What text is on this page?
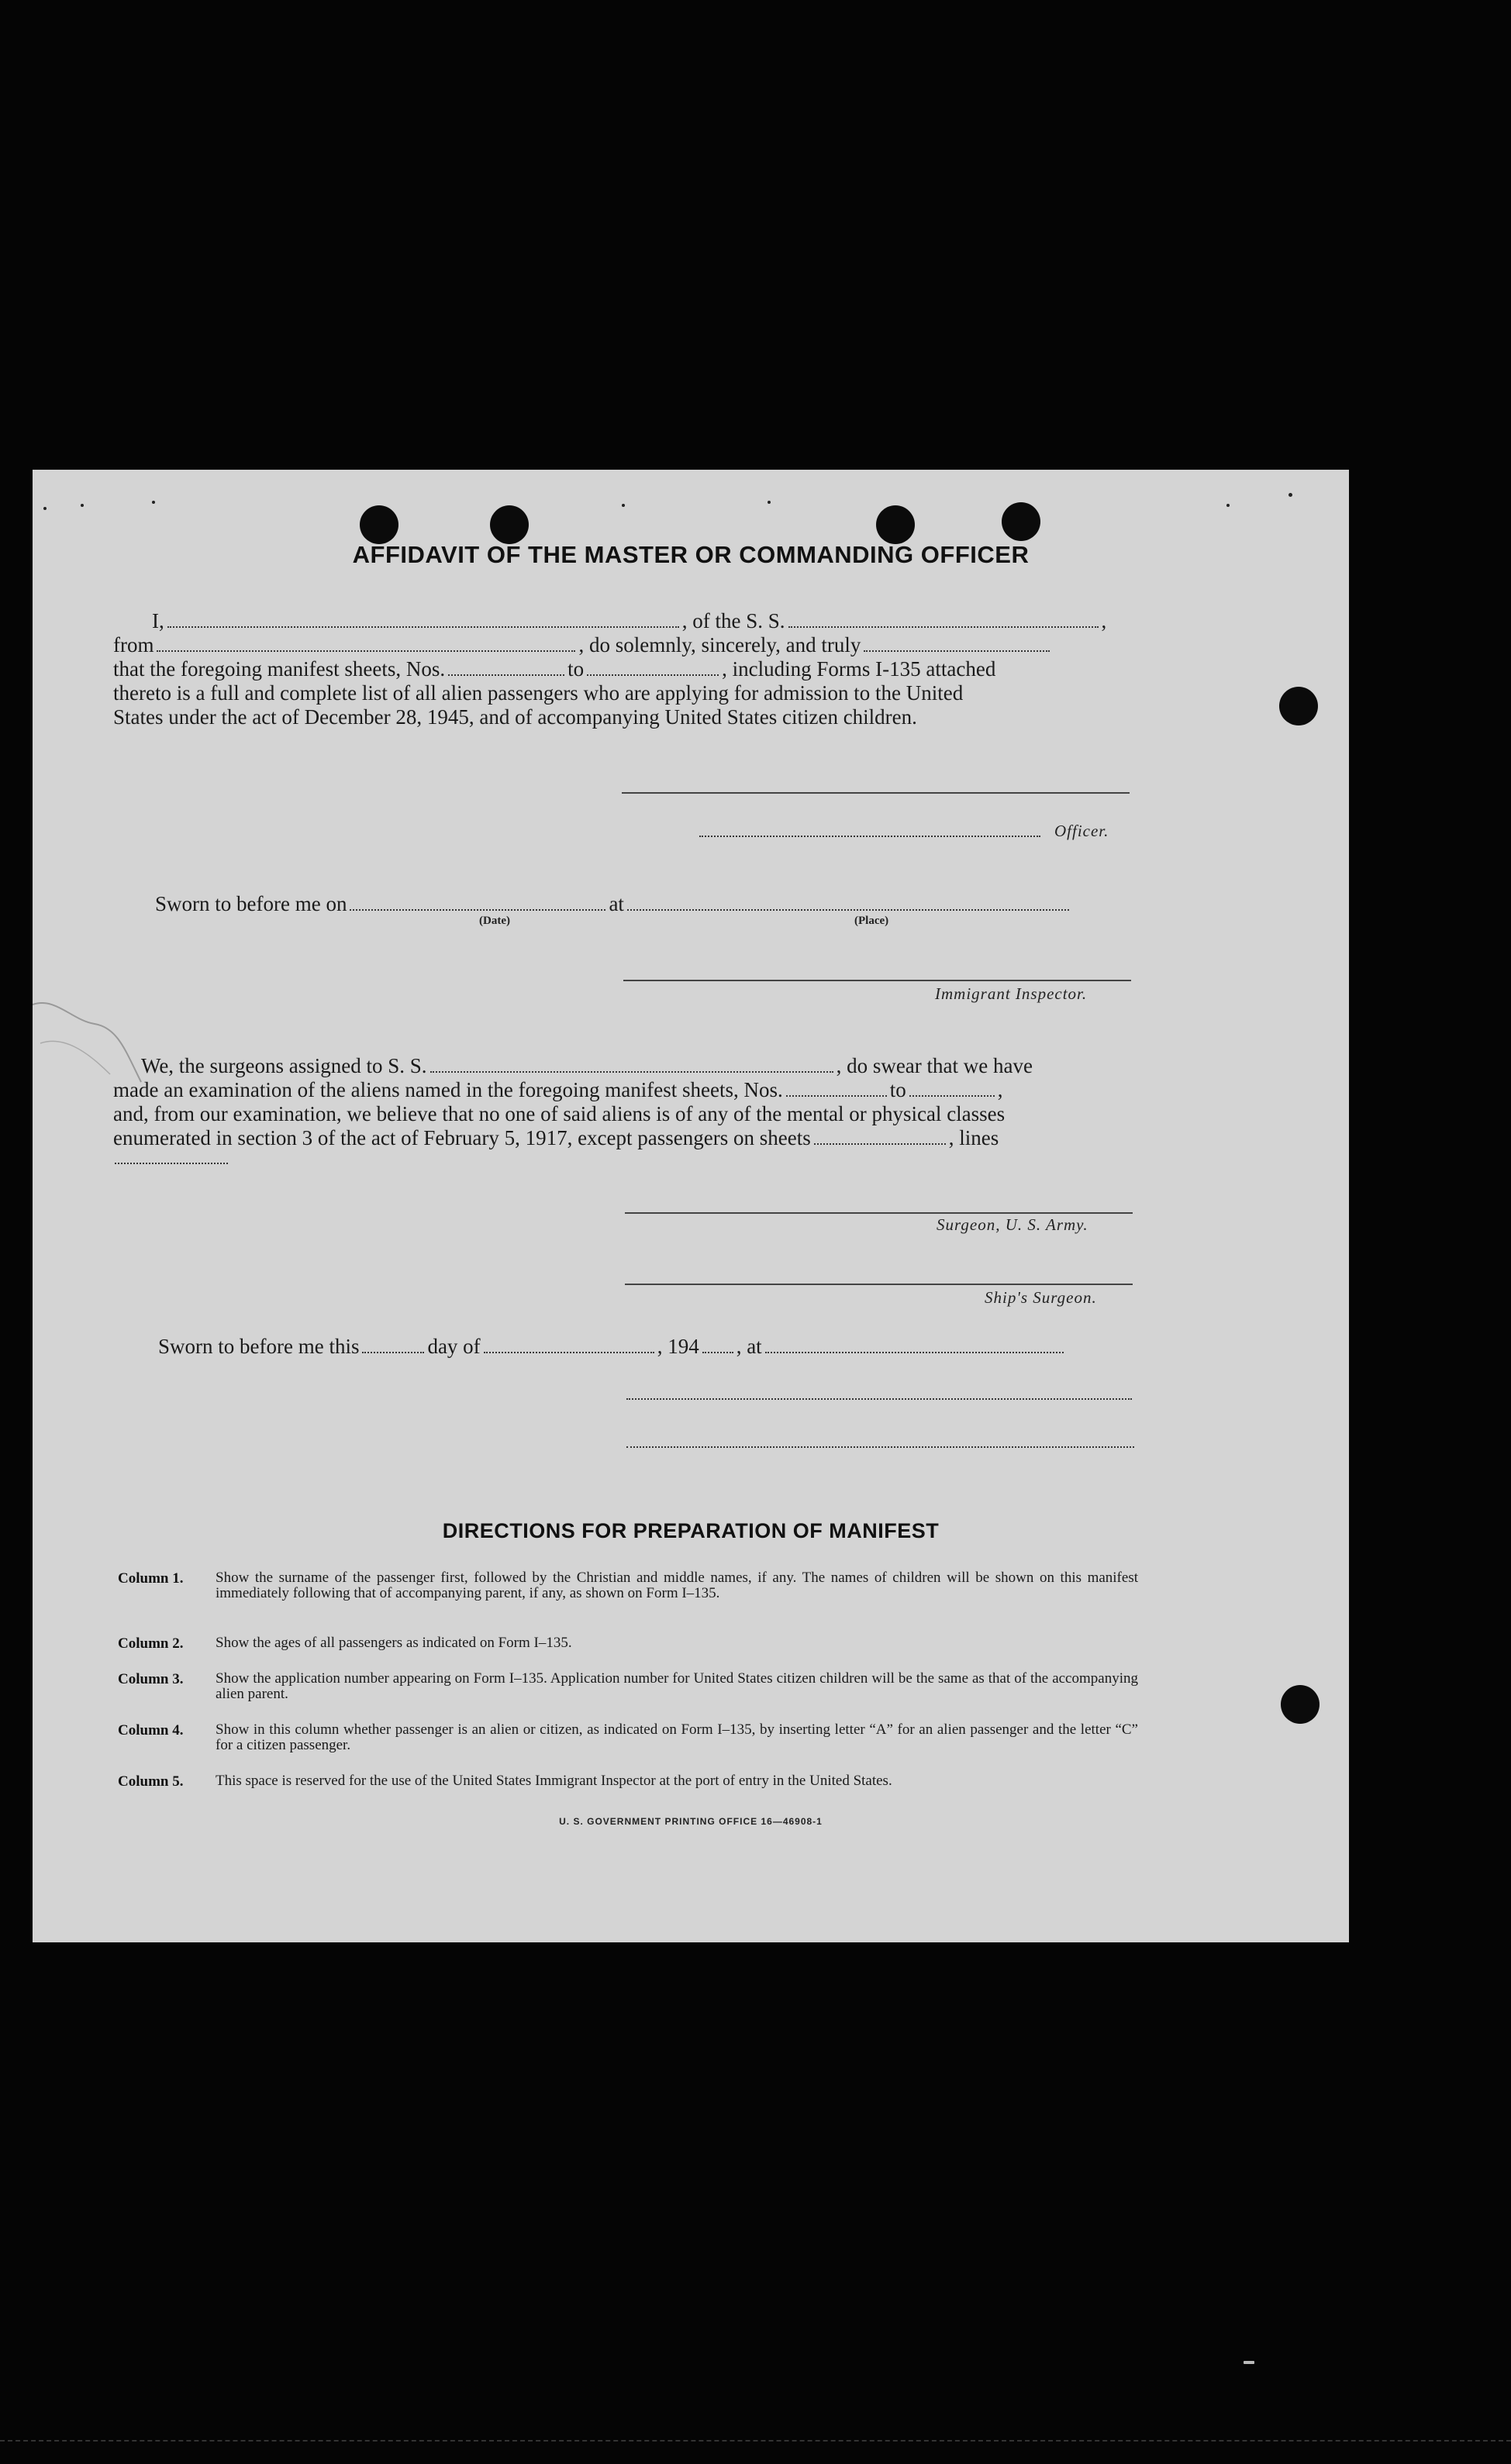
AFFIDAVIT OF THE MASTER OR COMMANDING OFFICER
I,	, of the S. S.	,
from	, do solemnly, sincerely, and truly
that the foregoing manifest sheets, Nos.	to	, including Forms I-135 attached
thereto is a full and complete list of all alien passengers who are applying for admission to the United
States under the act of December 28, 1945, and of accompanying United States citizen children.
Officer.
Sworn to before me on	at
(Date)	(Place)
Immigrant Inspector.
We, the surgeons assigned to S. S.	, do swear that we have
made an examination of the aliens named in the foregoing manifest sheets, Nos.	to	,
and, from our examination, we believe that no one of said aliens is of any of the mental or physical classes
enumerated in section 3 of the act of February 5, 1917, except passengers on sheets	, lines
Surgeon, U. S. Army.
Ship's Surgeon.
Sworn to before me this	day of	, 194 , at
DIRECTIONS FOR PREPARATION OF MANIFEST
Column 1.	Show the surname of the passenger first, followed by the Christian and middle names, if any. The names of children will be shown on this manifest immediately following that of accompanying parent, if any, as shown on Form I–135.
Column 2.	Show the ages of all passengers as indicated on Form I–135.
Column 3.	Show the application number appearing on Form I–135. Application number for United States citizen children will be the same as that of the accompanying alien parent.
Column 4.	Show in this column whether passenger is an alien or citizen, as indicated on Form I–135, by inserting letter “A” for an alien passenger and the letter “C” for a citizen passenger.
Column 5.	This space is reserved for the use of the United States Immigrant Inspector at the port of entry in the United States.
U. S. GOVERNMENT PRINTING OFFICE 16—46908-1
